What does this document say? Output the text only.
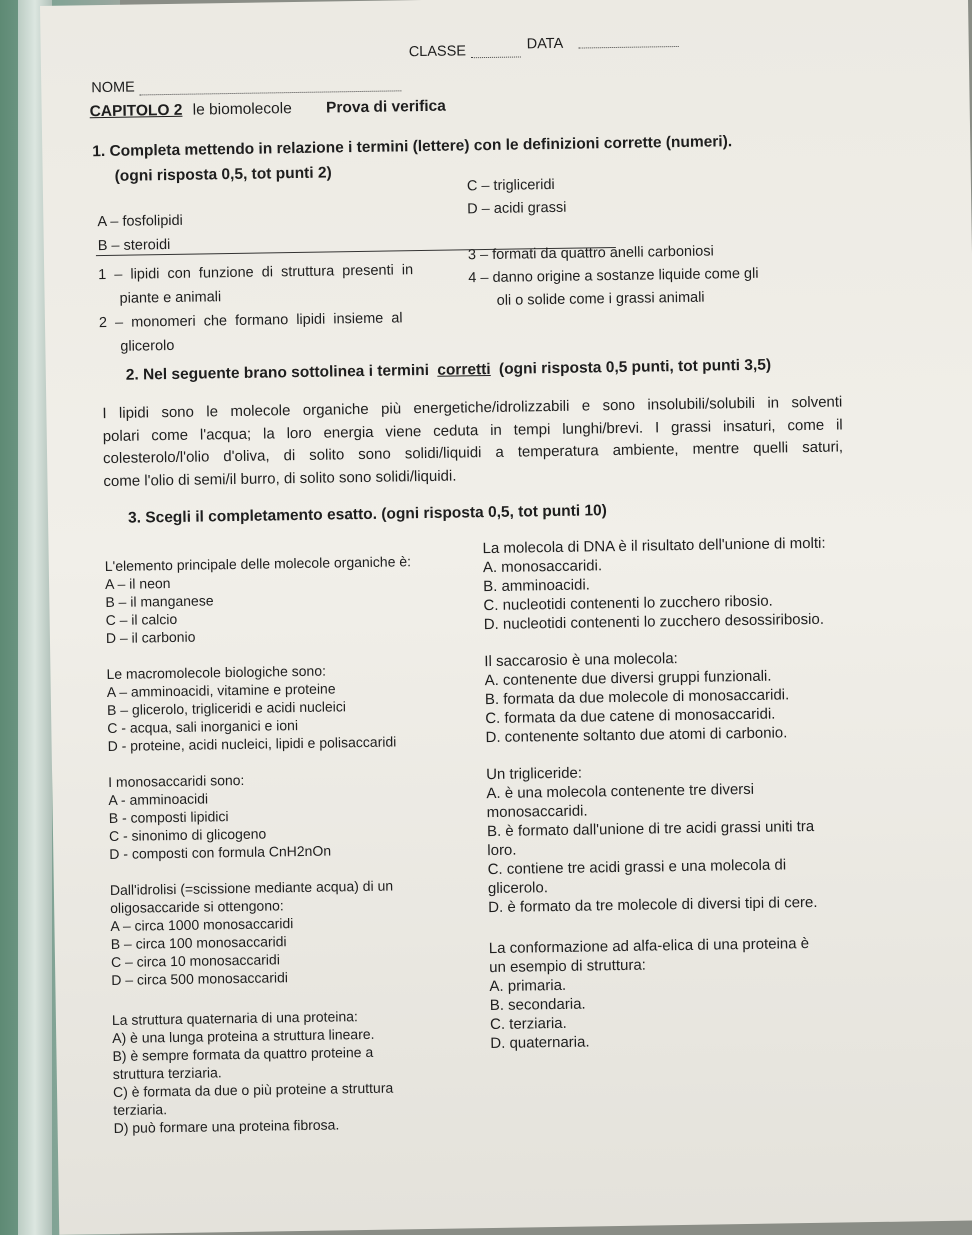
NOME
CLASSE	DATA
CAPITOLO 2 le biomolecole Prova di verifica
1. Completa mettendo in relazione i termini (lettere) con le definizioni corrette (numeri).
(ogni risposta 0,5, tot punti 2)
A – fosfolipidi
B – steroidi
C – trigliceridi
D – acidi grassi
1 – lipidi con funzione di struttura presenti in
piante e animali
2 – monomeri che formano lipidi insieme al
glicerolo
3 – formati da quattro anelli carboniosi
4 – danno origine a sostanze liquide come gli
oli o solide come i grassi animali
2. Nel seguente brano sottolinea i termini corretti (ogni risposta 0,5 punti, tot punti 3,5)
I lipidi sono le molecole organiche più energetiche/idrolizzabili e sono insolubili/solubili in solventi
polari come l'acqua; la loro energia viene ceduta in tempi lunghi/brevi. I grassi insaturi, come il
colesterolo/l'olio d'oliva, di solito sono solidi/liquidi a temperatura ambiente, mentre quelli saturi,
come l'olio di semi/il burro, di solito sono solidi/liquidi.
3. Scegli il completamento esatto. (ogni risposta 0,5, tot punti 10)
L'elemento principale delle molecole organiche è:
A – il neon
B – il manganese
C – il calcio
D – il carbonio
Le macromolecole biologiche sono:
A – amminoacidi, vitamine e proteine
B – glicerolo, trigliceridi e acidi nucleici
C - acqua, sali inorganici e ioni
D - proteine, acidi nucleici, lipidi e polisaccaridi
I monosaccaridi sono:
A - amminoacidi
B - composti lipidici
C - sinonimo di glicogeno
D - composti con formula CnH2nOn
Dall'idrolisi (=scissione mediante acqua) di un
oligosaccaride si ottengono:
A – circa 1000 monosaccaridi
B – circa 100 monosaccaridi
C – circa 10 monosaccaridi
D – circa 500 monosaccaridi
La struttura quaternaria di una proteina:
A) è una lunga proteina a struttura lineare.
B) è sempre formata da quattro proteine a
struttura terziaria.
C) è formata da due o più proteine a struttura
terziaria.
D) può formare una proteina fibrosa.
La molecola di DNA è il risultato dell'unione di molti:
A. monosaccaridi.
B. amminoacidi.
C. nucleotidi contenenti lo zucchero ribosio.
D. nucleotidi contenenti lo zucchero desossiribosio.
Il saccarosio è una molecola:
A. contenente due diversi gruppi funzionali.
B. formata da due molecole di monosaccaridi.
C. formata da due catene di monosaccaridi.
D. contenente soltanto due atomi di carbonio.
Un trigliceride:
A. è una molecola contenente tre diversi
monosaccaridi.
B. è formato dall'unione di tre acidi grassi uniti tra
loro.
C. contiene tre acidi grassi e una molecola di
glicerolo.
D. è formato da tre molecole di diversi tipi di cere.
La conformazione ad alfa-elica di una proteina è
un esempio di struttura:
A. primaria.
B. secondaria.
C. terziaria.
D. quaternaria.
